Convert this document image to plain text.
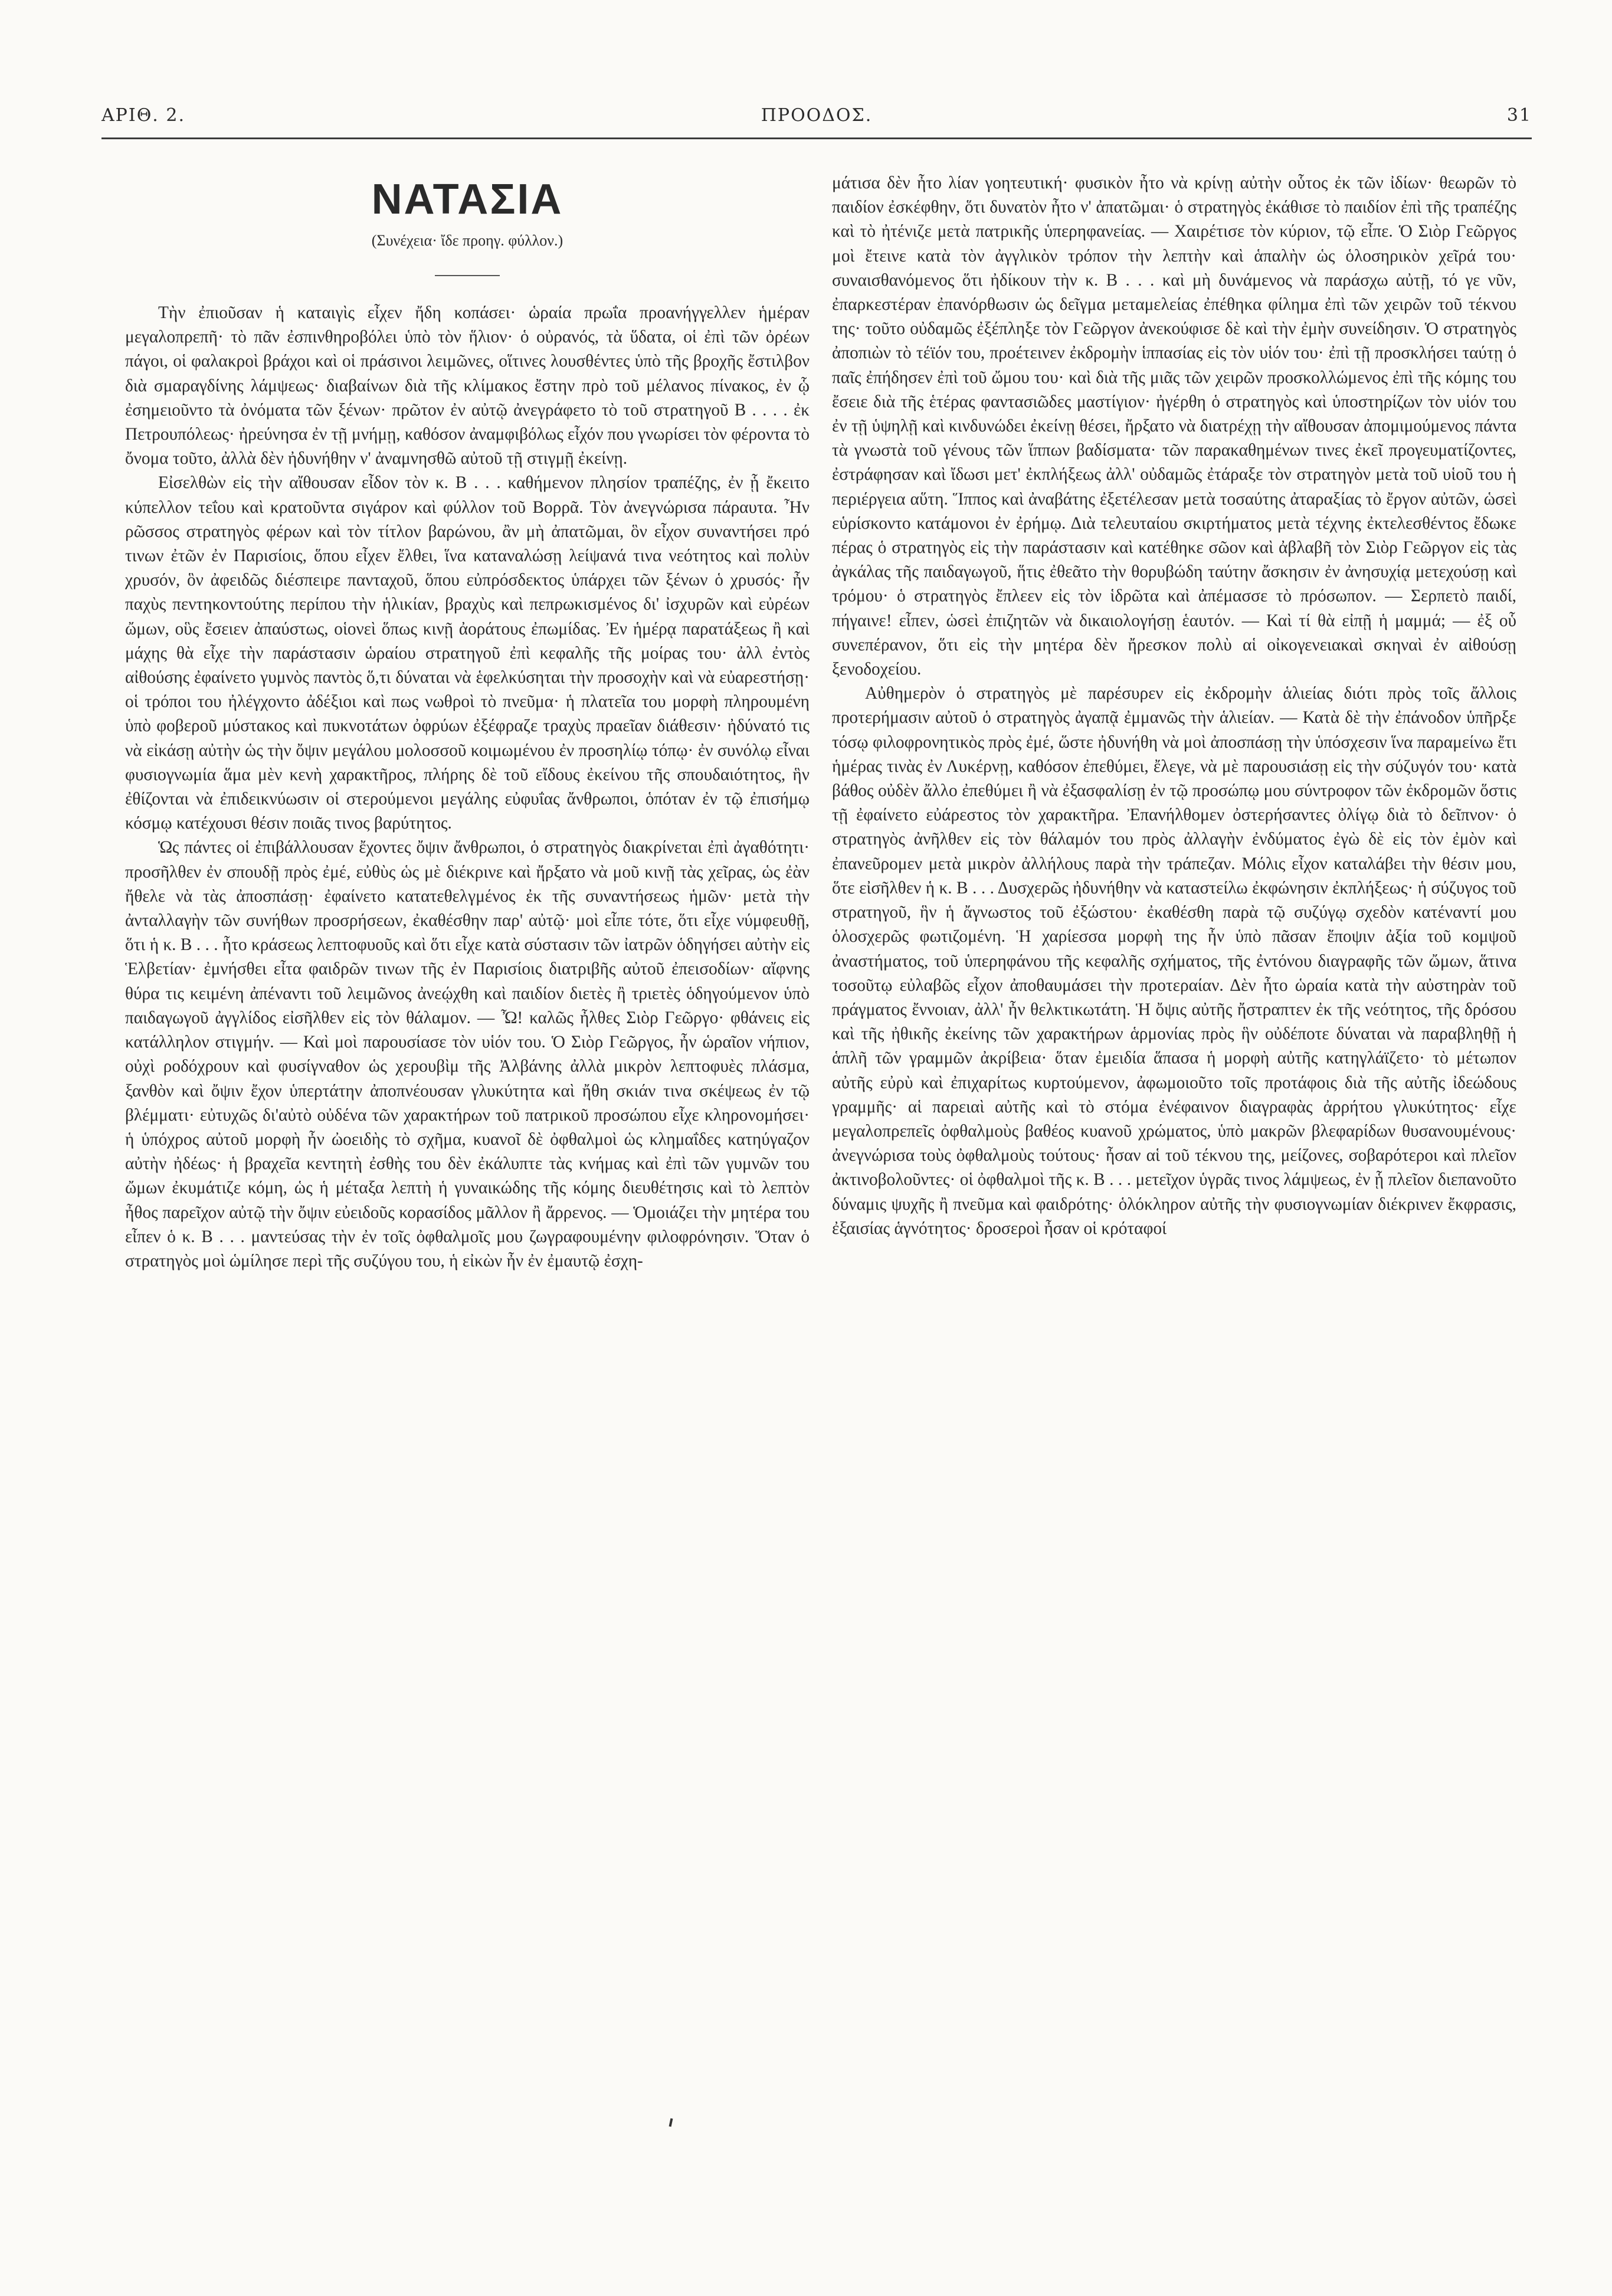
ΑΡΙΘ. 2.	ΠΡΟΟΔΟΣ.	31
ΝΑΤΑΣΙΑ
(Συνέχεια· ἴδε προηγ. φύλλον.)

Τὴν ἐπιοῦσαν ἡ καταιγὶς εἶχεν ἤδη κοπάσει· ὡραία πρωΐα προανήγγελλεν ἡμέραν μεγαλοπρεπῆ· τὸ πᾶν ἐσπινθηροβόλει ὑπὸ τὸν ἥλιον· ὁ οὐρανός, τὰ ὕδατα, οἱ ἐπὶ τῶν ὀρέων πάγοι, οἱ φαλακροὶ βράχοι καὶ οἱ πράσινοι λειμῶνες, οἵτινες λουσθέντες ὑπὸ τῆς βροχῆς ἔστιλβον διὰ σμαραγδίνης λάμψεως· διαβαίνων διὰ τῆς κλίμακος ἔστην πρὸ τοῦ μέλανος πίνακος, ἐν ᾧ ἐσημειοῦντο τὰ ὀνόματα τῶν ξένων· πρῶτον ἐν αὐτῷ ἀνεγράφετο τὸ τοῦ στρατηγοῦ Β . . . . ἐκ Πετρουπόλεως· ἠρεύνησα ἐν τῇ μνήμῃ, καθόσον ἀναμφιβόλως εἶχόν που γνωρίσει τὸν φέροντα τὸ ὄνομα τοῦτο, ἀλλὰ δὲν ἠδυνήθην ν' ἀναμνησθῶ αὐτοῦ τῇ στιγμῇ ἐκείνῃ.

Εἰσελθὼν εἰς τὴν αἴθουσαν εἶδον τὸν κ. Β . . . καθήμενον πλησίον τραπέζης, ἐν ᾗ ἔκειτο κύπελλον τεΐου καὶ κρατοῦντα σιγάρον καὶ φύλλον τοῦ Βορρᾶ. Τὸν ἀνεγνώρισα πάραυτα. Ἦν ρῶσσος στρατηγὸς φέρων καὶ τὸν τίτλον βαρώνου, ἂν μὴ ἀπατῶμαι, ὃν εἶχον συναντήσει πρό τινων ἐτῶν ἐν Παρισίοις, ὅπου εἶχεν ἔλθει, ἵνα καταναλώσῃ λείψανά τινα νεότητος καὶ πολὺν χρυσόν, ὃν ἀφειδῶς διέσπειρε πανταχοῦ, ὅπου εὐπρόσδεκτος ὑπάρχει τῶν ξένων ὁ χρυσός· ἦν παχὺς πεντηκοντούτης περίπου τὴν ἡλικίαν, βραχὺς καὶ πεπρωκισμένος δι' ἰσχυρῶν καὶ εὐρέων ὤμων, οὓς ἔσειεν ἀπαύστως, οἱονεὶ ὅπως κινῇ ἀοράτους ἐπωμίδας. Ἐν ἡμέρᾳ παρατάξεως ἢ καὶ μάχης θὰ εἶχε τὴν παράστασιν ὡραίου στρατηγοῦ ἐπὶ κεφαλῆς τῆς μοίρας του· ἀλλ ἐντὸς αἰθούσης ἐφαίνετο γυμνὸς παντὸς ὅ,τι δύναται νὰ ἑφελκύσηται τὴν προσοχὴν καὶ νὰ εὐαρεστήσῃ· οἱ τρόποι του ἠλέγχοντο ἀδέξιοι καὶ πως νωθροὶ τὸ πνεῦμα· ἡ πλατεῖα του μορφὴ πληρουμένη ὑπὸ φοβεροῦ μύστακος καὶ πυκνοτάτων ὀφρύων ἐξέφραζε τραχὺς πραεῖαν διάθεσιν· ἠδύνατό τις νὰ εἰκάσῃ αὐτὴν ὡς τὴν ὄψιν μεγάλου μολοσσοῦ κοιμωμένου ἐν προσηλίῳ τόπῳ· ἐν συνόλῳ εἶναι φυσιογνωμία ἅμα μὲν κενὴ χαρακτῆρος, πλήρης δὲ τοῦ εἴδους ἐκείνου τῆς σπουδαιότητος, ἣν ἐθίζονται νὰ ἐπιδεικνύωσιν οἱ στερούμενοι μεγάλης εὐφυΐας ἄνθρωποι, ὁπόταν ἐν τῷ ἐπισήμῳ κόσμῳ κατέχουσι θέσιν ποιᾶς τινος βαρύτητος.

Ὡς πάντες οἱ ἐπιβάλλουσαν ἔχοντες ὄψιν ἄνθρωποι, ὁ στρατηγὸς διακρίνεται ἐπὶ ἀγαθότητι· προσῆλθεν ἐν σπουδῇ πρὸς ἐμέ, εὐθὺς ὡς μὲ διέκρινε καὶ ἤρξατο νὰ μοῦ κινῇ τὰς χεῖρας, ὡς ἐὰν ἤθελε νὰ τὰς ἀποσπάσῃ· ἐφαίνετο κατατεθελγμένος ἐκ τῆς συναντήσεως ἡμῶν· μετὰ τὴν ἀνταλλαγὴν τῶν συνήθων προσρήσεων, ἐκαθέσθην παρ' αὐτῷ· μοὶ εἶπε τότε, ὅτι εἶχε νύμφευθῇ, ὅτι ἡ κ. Β . . . ἦτο κράσεως λεπτοφυοῦς καὶ ὅτι εἶχε κατὰ σύστασιν τῶν ἰατρῶν ὁδηγήσει αὐτὴν εἰς Ἑλβετίαν· ἐμνήσθει εἶτα φαιδρῶν τινων τῆς ἐν Παρισίοις διατριβῆς αὐτοῦ ἐπεισοδίων· αἴφνης θύρα τις κειμένη ἀπέναντι τοῦ λειμῶνος ἀνεῴχθη καὶ παιδίον διετὲς ἢ τριετὲς ὁδηγούμενον ὑπὸ παιδαγωγοῦ ἀγγλίδος εἰσῆλθεν εἰς τὸν θάλαμον. — Ὦ! καλῶς ἦλθες Σιὸρ Γεῶργο· φθάνεις εἰς κατάλληλον στιγμήν. — Καὶ μοὶ παρουσίασε τὸν υἱόν του. Ὁ Σιὸρ Γεῶργος, ἦν ὡραῖον νήπιον, οὐχὶ ροδόχρουν καὶ φυσίγναθον ὡς χερουβὶμ τῆς Ἀλβάνης ἀλλὰ μικρὸν λεπτοφυὲς πλάσμα, ξανθὸν καὶ ὄψιν ἔχον ὑπερτάτην ἀποπνέουσαν γλυκύτητα καὶ ἤθη σκιάν τινα σκέψεως ἐν τῷ βλέμματι· εὐτυχῶς δι'αὐτὸ οὐδένα τῶν χαρακτήρων τοῦ πατρικοῦ προσώπου εἶχε κληρονομήσει· ἡ ὑπόχρος αὐτοῦ μορφὴ ἦν ὠοειδὴς τὸ σχῆμα, κυανοῖ δὲ ὀφθαλμοὶ ὡς κλημαΐδες κατηύγαζον αὐτὴν ἠδέως· ἡ βραχεῖα κεντητὴ ἐσθὴς του δὲν ἐκάλυπτε τὰς κνήμας καὶ ἐπὶ τῶν γυμνῶν του ὤμων ἐκυμάτιζε κόμη, ὡς ἡ μέταξα λεπτὴ ἡ γυναικώδης τῆς κόμης διευθέτησις καὶ τὸ λεπτὸν ἦθος παρεῖχον αὐτῷ τὴν ὄψιν εὐειδοῦς κορασίδος μᾶλλον ἢ ἄρρενος. — Ὁμοιάζει τὴν μητέρα του εἶπεν ὁ κ. Β . . . μαντεύσας τὴν ἐν τοῖς ὀφθαλμοῖς μου ζωγραφουμένην φιλοφρόνησιν. Ὅταν ὁ στρατηγὸς μοὶ ὡμίλησε περὶ τῆς συζύγου του, ἡ εἰκὼν ἦν ἐν ἐμαυτῷ ἐσχη-

μάτισα δὲν ἦτο λίαν γοητευτική· φυσικὸν ἦτο νὰ κρίνῃ αὐτὴν οὗτος ἐκ τῶν ἰδίων· θεωρῶν τὸ παιδίον ἐσκέφθην, ὅτι δυνατὸν ἦτο ν' ἀπατῶμαι· ὁ στρατηγὸς ἐκάθισε τὸ παιδίον ἐπὶ τῆς τραπέζης καὶ τὸ ἠτένιζε μετὰ πατρικῆς ὑπερηφανείας. — Χαιρέτισε τὸν κύριον, τῷ εἶπε. Ὁ Σιὸρ Γεῶργος μοὶ ἔτεινε κατὰ τὸν ἀγγλικὸν τρόπον τὴν λεπτὴν καὶ ἁπαλὴν ὡς ὁλοσηρικὸν χεῖρά του· συναισθανόμενος ὅτι ἠδίκουν τὴν κ. Β . . . καὶ μὴ δυνάμενος νὰ παράσχω αὐτῇ, τό γε νῦν, ἐπαρκεστέραν ἐπανόρθωσιν ὡς δεῖγμα μεταμελείας ἐπέθηκα φίλημα ἐπὶ τῶν χειρῶν τοῦ τέκνου της· τοῦτο οὐδαμῶς ἐξέπληξε τὸν Γεῶργον ἀνεκούφισε δὲ καὶ τὴν ἐμὴν συνείδησιν. Ὁ στρατηγὸς ἀποπιὼν τὸ τέϊόν του, προέτεινεν ἐκδρομὴν ἱππασίας εἰς τὸν υἱόν του· ἐπὶ τῇ προσκλήσει ταύτῃ ὁ παῖς ἐπήδησεν ἐπὶ τοῦ ὤμου του· καὶ διὰ τῆς μιᾶς τῶν χειρῶν προσκολλώμενος ἐπὶ τῆς κόμης του ἔσειε διὰ τῆς ἑτέρας φαντασιῶδες μαστίγιον· ἠγέρθη ὁ στρατηγὸς καὶ ὑποστηρίζων τὸν υἱόν του ἐν τῇ ὑψηλῇ καὶ κινδυνώδει ἐκείνῃ θέσει, ἤρξατο νὰ διατρέχῃ τὴν αἴθουσαν ἀπομιμούμενος πάντα τὰ γνωστὰ τοῦ γένους τῶν ἵππων βαδίσματα· τῶν παρακαθημένων τινες ἐκεῖ προγευματίζοντες, ἐστράφησαν καὶ ἴδωσι μετ' ἐκπλήξεως ἀλλ' οὐδαμῶς ἐτάραξε τὸν στρατηγὸν μετὰ τοῦ υἱοῦ του ἡ περιέργεια αὕτη. Ἵππος καὶ ἀναβάτης ἐξετέλεσαν μετὰ τοσαύτης ἀταραξίας τὸ ἔργον αὐτῶν, ὡσεὶ εὑρίσκοντο κατάμονοι ἐν ἐρήμῳ. Διὰ τελευταίου σκιρτήματος μετὰ τέχνης ἐκτελεσθέντος ἔδωκε πέρας ὁ στρατηγὸς εἰς τὴν παράστασιν καὶ κατέθηκε σῶον καὶ ἀβλαβῆ τὸν Σιὸρ Γεῶργον εἰς τὰς ἀγκάλας τῆς παιδαγωγοῦ, ἥτις ἐθεᾶτο τὴν θορυβώδη ταύτην ἄσκησιν ἐν ἀνησυχίᾳ μετεχούσῃ καὶ τρόμου· ὁ στρατηγὸς ἔπλεεν εἰς τὸν ἱδρῶτα καὶ ἀπέμασσε τὸ πρόσωπον. — Σερπετὸ παιδί, πήγαινε! εἶπεν, ὡσεὶ ἐπιζητῶν νὰ δικαιολογήσῃ ἑαυτόν. — Καὶ τί θὰ εἰπῇ ἡ μαμμά; — ἐξ οὗ συνεπέρανον, ὅτι εἰς τὴν μητέρα δὲν ἤρεσκον πολὺ αἱ οἰκογενειακαὶ σκηναὶ ἐν αἰθούσῃ ξενοδοχείου.

Αὐθημερὸν ὁ στρατηγὸς μὲ παρέσυρεν εἰς ἐκδρομὴν ἁλιείας διότι πρὸς τοῖς ἄλλοις προτερήμασιν αὐτοῦ ὁ στρατηγὸς ἀγαπᾷ ἐμμανῶς τὴν ἁλιείαν. — Κατὰ δὲ τὴν ἐπάνοδον ὑπῆρξε τόσῳ φιλοφρονητικὸς πρὸς ἐμέ, ὥστε ἠδυνήθη νὰ μοὶ ἀποσπάσῃ τὴν ὑπόσχεσιν ἵνα παραμείνω ἔτι ἡμέρας τινὰς ἐν Λυκέρνῃ, καθόσον ἐπεθύμει, ἔλεγε, νὰ μὲ παρουσιάσῃ εἰς τὴν σύζυγόν του· κατὰ βάθος οὐδὲν ἄλλο ἐπεθύμει ἢ νὰ ἐξασφαλίσῃ ἐν τῷ προσώπῳ μου σύντροφον τῶν ἐκδρομῶν ὅστις τῇ ἐφαίνετο εὐάρεστος τὸν χαρακτῆρα. Ἐπανήλθομεν ὀστερήσαντες ὀλίγῳ διὰ τὸ δεῖπνον· ὁ στρατηγὸς ἀνῆλθεν εἰς τὸν θάλαμόν του πρὸς ἀλλαγὴν ἐνδύματος ἐγὼ δὲ εἰς τὸν ἐμὸν καὶ ἐπανεῦρομεν μετὰ μικρὸν ἀλλήλους παρὰ τὴν τράπεζαν. Μόλις εἶχον καταλάβει τὴν θέσιν μου, ὅτε εἰσῆλθεν ἡ κ. Β . . . Δυσχερῶς ἠδυνήθην νὰ καταστείλω ἐκφώνησιν ἐκπλήξεως· ἡ σύζυγος τοῦ στρατηγοῦ, ἣν ἡ ἄγνωστος τοῦ ἐξώστου· ἐκαθέσθη παρὰ τῷ συζύγῳ σχεδὸν κατέναντί μου ὁλοσχερῶς φωτιζομένη. Ἡ χαρίεσσα μορφὴ της ἦν ὑπὸ πᾶσαν ἔποψιν ἀξία τοῦ κομψοῦ ἀναστήματος, τοῦ ὑπερηφάνου τῆς κεφαλῆς σχήματος, τῆς ἐντόνου διαγραφῆς τῶν ὤμων, ἅτινα τοσοῦτῳ εὐλαβῶς εἶχον ἀποθαυμάσει τὴν προτεραίαν. Δὲν ἦτο ὡραία κατὰ τὴν αὐστηρὰν τοῦ πράγματος ἔννοιαν, ἀλλ' ἦν θελκτικωτάτη. Ἡ ὄψις αὐτῆς ἤστραπτεν ἐκ τῆς νεότητος, τῆς δρόσου καὶ τῆς ἠθικῆς ἐκείνης τῶν χαρακτήρων ἁρμονίας πρὸς ἣν οὐδέποτε δύναται νὰ παραβληθῇ ἡ ἁπλῆ τῶν γραμμῶν ἀκρίβεια· ὅταν ἐμειδία ἅπασα ἡ μορφὴ αὐτῆς κατηγλάϊζετο· τὸ μέτωπον αὐτῆς εὐρὺ καὶ ἐπιχαρίτως κυρτούμενον, ἀφωμοιοῦτο τοῖς προτάφοις διὰ τῆς αὐτῆς ἰδεώδους γραμμῆς· αἱ παρειαὶ αὐτῆς καὶ τὸ στόμα ἐνέφαινον διαγραφὰς ἀρρήτου γλυκύτητος· εἶχε μεγαλοπρεπεῖς ὀφθαλμοὺς βαθέος κυανοῦ χρώματος, ὑπὸ μακρῶν βλεφαρίδων θυσανουμένους· ἀνεγνώρισα τοὺς ὀφθαλμοὺς τούτους· ἦσαν αἱ τοῦ τέκνου της, μείζονες, σοβαρότεροι καὶ πλεῖον ἀκτινοβολοῦντες· οἱ ὀφθαλμοὶ τῆς κ. Β . . . μετεῖχον ὑγρᾶς τινος λάμψεως, ἐν ᾗ πλεῖον διεπανοῦτο δύναμις ψυχῆς ἢ πνεῦμα καὶ φαιδρότης· ὁλόκληρον αὐτῆς τὴν φυσιογνωμίαν διέκρινεν ἔκφρασις, ἐξαισίας ἁγνότητος· δροσεροὶ ἦσαν οἱ κρόταφοί
